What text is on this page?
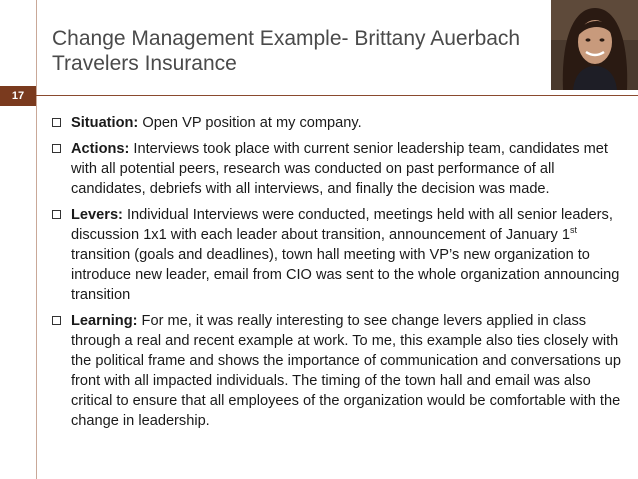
Change Management Example- Brittany Auerbach
Travelers Insurance
17
Situation: Open VP position at my company.
Actions: Interviews took place with current senior leadership team, candidates met with all potential peers, research was conducted on past performance of all candidates, debriefs with all interviews, and finally the decision was made.
Levers: Individual Interviews were conducted, meetings held with all senior leaders, discussion 1x1 with each leader about transition, announcement of January 1st transition (goals and deadlines), town hall meeting with VP’s new organization to introduce new leader, email from CIO was sent to the whole organization announcing transition
Learning: For me, it was really interesting to see change levers applied in class through a real and recent example at work. To me, this example also ties closely with the political frame and shows the importance of communication and conversations up front with all impacted individuals. The timing of the town hall and email was also critical to ensure that all employees of the organization would be comfortable with the change in leadership.
